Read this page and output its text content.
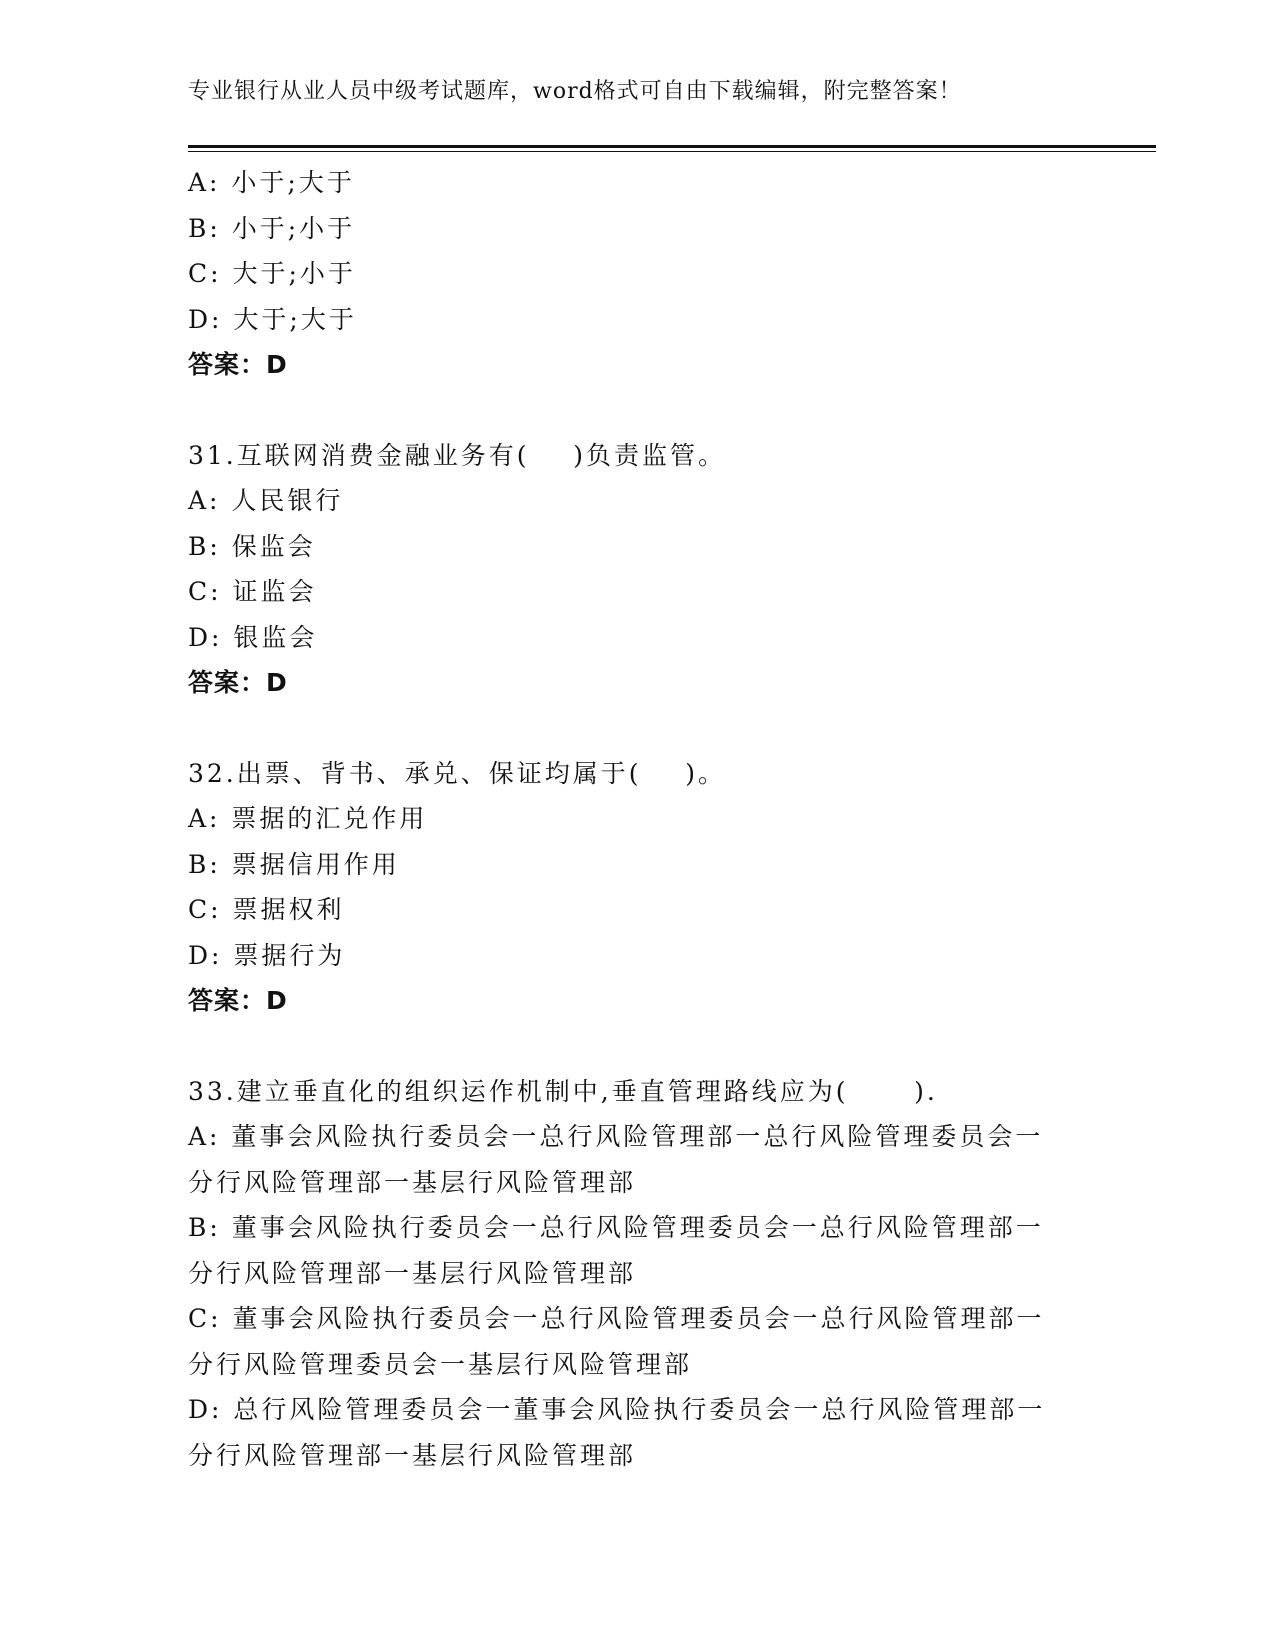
专业银行从业人员中级考试题库，word格式可自由下载编辑，附完整答案！

A: 小于;大于

B: 小于;小于

C: 大于;小于

D: 大于;大于

答案：D

31.互联网消费金融业务有(    )负责监管。

A: 人民银行

B: 保监会

C: 证监会

D: 银监会

答案：D

32.出票、背书、承兑、保证均属于(    )。

A: 票据的汇兑作用

B: 票据信用作用

C: 票据权利

D: 票据行为

答案：D

33.建立垂直化的组织运作机制中,垂直管理路线应为(      ).

A: 董事会风险执行委员会一总行风险管理部一总行风险管理委员会一

分行风险管理部一基层行风险管理部

B: 董事会风险执行委员会一总行风险管理委员会一总行风险管理部一

分行风险管理部一基层行风险管理部

C: 董事会风险执行委员会一总行风险管理委员会一总行风险管理部一

分行风险管理委员会一基层行风险管理部

D: 总行风险管理委员会一董事会风险执行委员会一总行风险管理部一

分行风险管理部一基层行风险管理部
